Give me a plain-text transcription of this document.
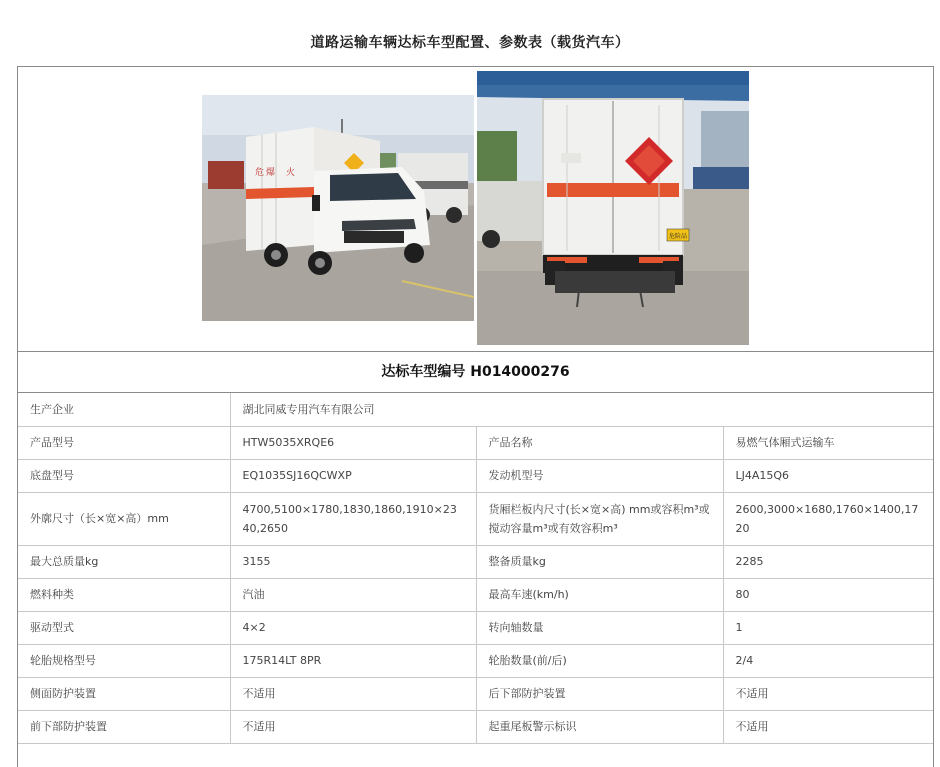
道路运输车辆达标车型配置、参数表（载货汽车）
危 爆 火
危险品
达标车型编号 H014000276
生产企业	湖北同威专用汽车有限公司		
产品型号	HTW5035XRQE6	产品名称	易燃气体厢式运输车
底盘型号	EQ1035SJ16QCWXP	发动机型号	LJ4A15Q6
外廓尺寸（长×宽×高）mm	4700,5100×1780,1830,1860,1910×2340,2650	货厢栏板内尺寸(长×宽×高) mm或容积m³或搅动容量m³或有效容积m³	2600,3000×1680,1760×1400,1720
最大总质量kg	3155	整备质量kg	2285
燃料种类	汽油	最高车速(km/h)	80
驱动型式	4×2	转向轴数量	1
轮胎规格型号	175R14LT 8PR	轮胎数量(前/后)	2/4
侧面防护装置	不适用	后下部防护装置	不适用
前下部防护装置	不适用	起重尾板警示标识	不适用
